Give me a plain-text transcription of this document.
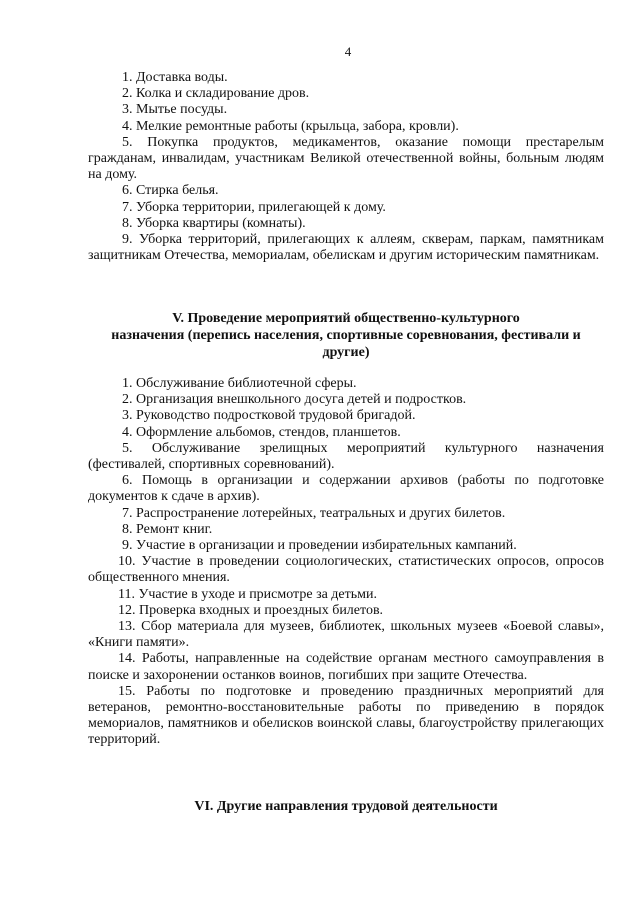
4

1. Доставка воды.

2. Колка и складирование дров.

3. Мытье посуды.

4. Мелкие ремонтные работы (крыльца, забора, кровли).

5. Покупка продуктов, медикаментов, оказание помощи престарелым гражданам, инвалидам, участникам Великой отечественной войны, больным людям на дому.

6. Стирка белья.

7. Уборка территории, прилегающей к дому.

8. Уборка квартиры (комнаты).

9. Уборка территорий, прилегающих к аллеям, скверам, паркам, памятникам защитникам Отечества, мемориалам, обелискам и другим историческим памятникам.

V. Проведение мероприятий общественно-культурного
назначения (перепись населения, спортивные соревнования, фестивали и
другие)

1. Обслуживание библиотечной сферы.

2. Организация внешкольного досуга детей и подростков.

3. Руководство подростковой трудовой бригадой.

4. Оформление альбомов, стендов, планшетов.

5. Обслуживание зрелищных мероприятий культурного назначения (фестивалей, спортивных соревнований).

6. Помощь в организации и содержании архивов (работы по подготовке документов к сдаче в архив).

7. Распространение лотерейных, театральных и других билетов.

8. Ремонт книг.

9. Участие в организации и проведении избирательных кампаний.

10. Участие в проведении социологических, статистических опросов, опросов общественного мнения.

11. Участие в уходе и присмотре за детьми.

12. Проверка входных и проездных билетов.

13. Сбор материала для музеев, библиотек, школьных музеев «Боевой славы», «Книги памяти».

14. Работы, направленные на содействие органам местного самоуправления в поиске и захоронении останков воинов, погибших при защите Отечества.

15. Работы по подготовке и проведению праздничных мероприятий для ветеранов, ремонтно-восстановительные работы по приведению в порядок мемориалов, памятников и обелисков воинской славы, благоустройству прилегающих территорий.

VI. Другие направления трудовой деятельности
